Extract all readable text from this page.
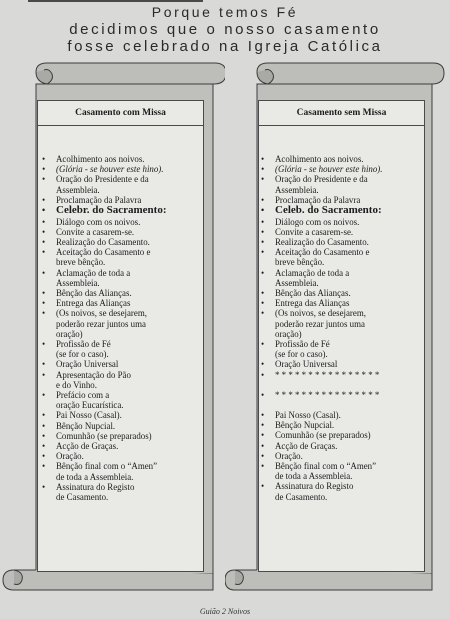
Porque temos Fé
decidimos que o nosso casamento
fosse celebrado na Igreja Católica
Casamento com Missa
• Acolhimento aos noivos.
• (Glória - se houver este hino).
• Oração do Presidente e da
Assembleia.
• Proclamação da Palavra
• Celebr. do Sacramento:
• Diálogo com os noivos.
• Convite a casarem-se.
• Realização do Casamento.
• Aceitação do Casamento e
breve bênção.
• Aclamação de toda a
Assembleia.
• Bênção das Alianças.
• Entrega das Alianças
• (Os noivos, se desejarem,
poderão rezar juntos uma
oração)
• Profissão de Fé
(se for o caso).
• Oração Universal
• Apresentação do Pão
e do Vinho.
• Prefácio com a
oração Eucarística.
• Pai Nosso (Casal).
• Bênção Nupcial.
• Comunhão (se preparados)
• Acção de Graças.
• Oração.
• Bênção final com o “Amen”
de toda a Assembleia.
• Assinatura do Registo
de Casamento.
Casamento sem Missa
• Acolhimento aos noivos.
• (Glória - se houver este hino).
• Oração do Presidente e da
Assembleia.
• Proclamação da Palavra
• Celeb. do Sacramento:
• Diálogo com os noivos.
• Convite a casarem-se.
• Realização do Casamento.
• Aceitação do Casamento e
breve bênção.
• Aclamação de toda a
Assembleia.
• Bênção das Alianças.
• Entrega das Alianças
• (Os noivos, se desejarem,
poderão rezar juntos uma
oração)
• Profissão de Fé
(se for o caso).
• Oração Universal
• * * * * * * * * * * * * * * * *
• * * * * * * * * * * * * * * * *
• Pai Nosso (Casal).
• Bênção Nupcial.
• Comunhão (se preparados)
• Acção de Graças.
• Oração.
• Bênção final com o “Amen”
de toda a Assembleia.
• Assinatura do Registo
de Casamento.
Guião 2 Noivos
